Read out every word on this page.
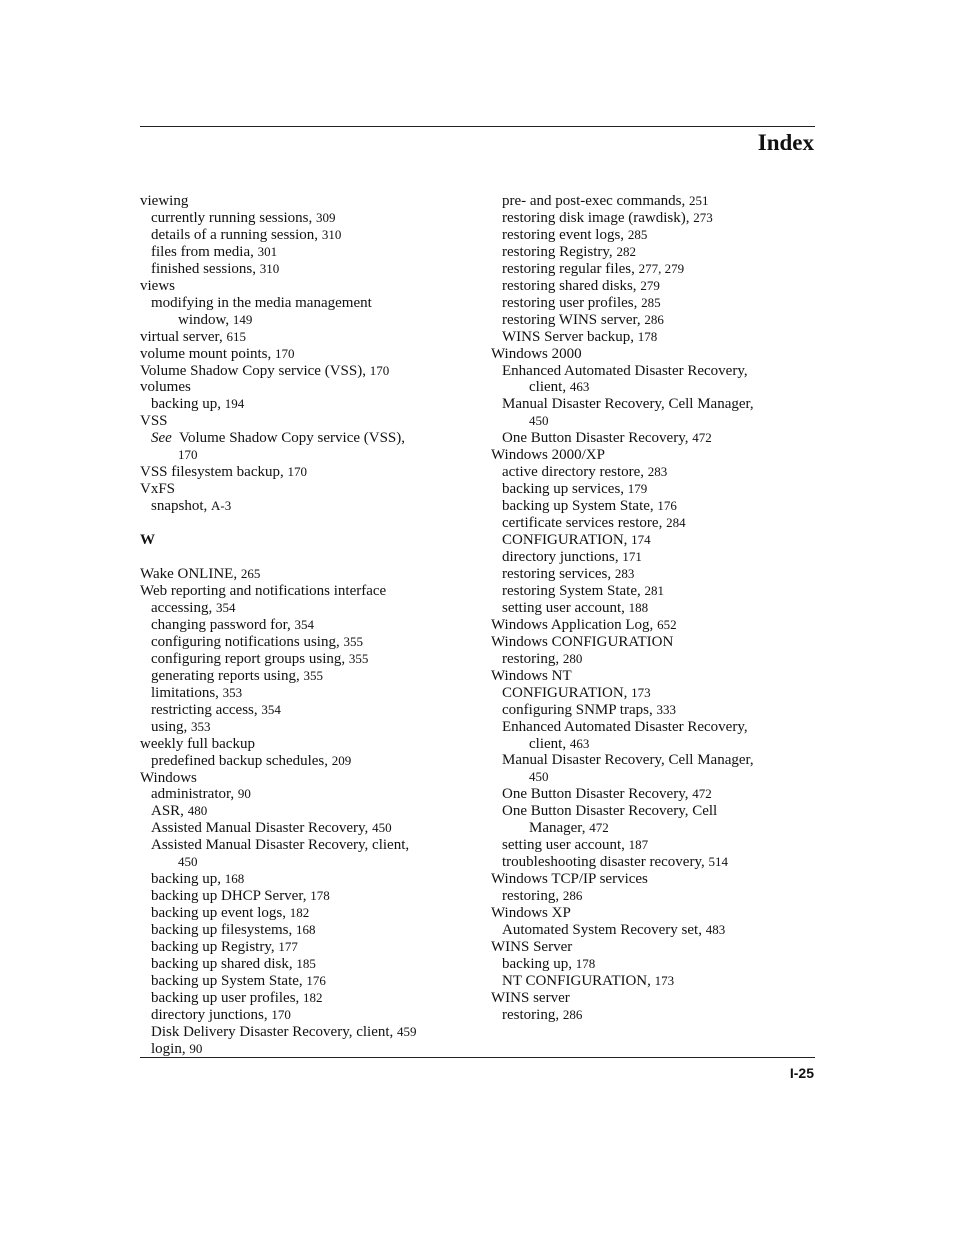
Index
viewing
currently running sessions, 309
details of a running session, 310
files from media, 301
finished sessions, 310
views
modifying in the media management
window, 149
virtual server, 615
volume mount points, 170
Volume Shadow Copy service (VSS), 170
volumes
backing up, 194
VSS
See  Volume Shadow Copy service (VSS),
170
VSS filesystem backup, 170
VxFS
snapshot, A-3
W
Wake ONLINE, 265
Web reporting and notifications interface
accessing, 354
changing password for, 354
configuring notifications using, 355
configuring report groups using, 355
generating reports using, 355
limitations, 353
restricting access, 354
using, 353
weekly full backup
predefined backup schedules, 209
Windows
administrator, 90
ASR, 480
Assisted Manual Disaster Recovery, 450
Assisted Manual Disaster Recovery, client,
450
backing up, 168
backing up DHCP Server, 178
backing up event logs, 182
backing up filesystems, 168
backing up Registry, 177
backing up shared disk, 185
backing up System State, 176
backing up user profiles, 182
directory junctions, 170
Disk Delivery Disaster Recovery, client, 459
login, 90
pre- and post-exec commands, 251
restoring disk image (rawdisk), 273
restoring event logs, 285
restoring Registry, 282
restoring regular files, 277, 279
restoring shared disks, 279
restoring user profiles, 285
restoring WINS server, 286
WINS Server backup, 178
Windows 2000
Enhanced Automated Disaster Recovery,
client, 463
Manual Disaster Recovery, Cell Manager,
450
One Button Disaster Recovery, 472
Windows 2000/XP
active directory restore, 283
backing up services, 179
backing up System State, 176
certificate services restore, 284
CONFIGURATION, 174
directory junctions, 171
restoring services, 283
restoring System State, 281
setting user account, 188
Windows Application Log, 652
Windows CONFIGURATION
restoring, 280
Windows NT
CONFIGURATION, 173
configuring SNMP traps, 333
Enhanced Automated Disaster Recovery,
client, 463
Manual Disaster Recovery, Cell Manager,
450
One Button Disaster Recovery, 472
One Button Disaster Recovery, Cell
Manager, 472
setting user account, 187
troubleshooting disaster recovery, 514
Windows TCP/IP services
restoring, 286
Windows XP
Automated System Recovery set, 483
WINS Server
backing up, 178
NT CONFIGURATION, 173
WINS server
restoring, 286
I-25
